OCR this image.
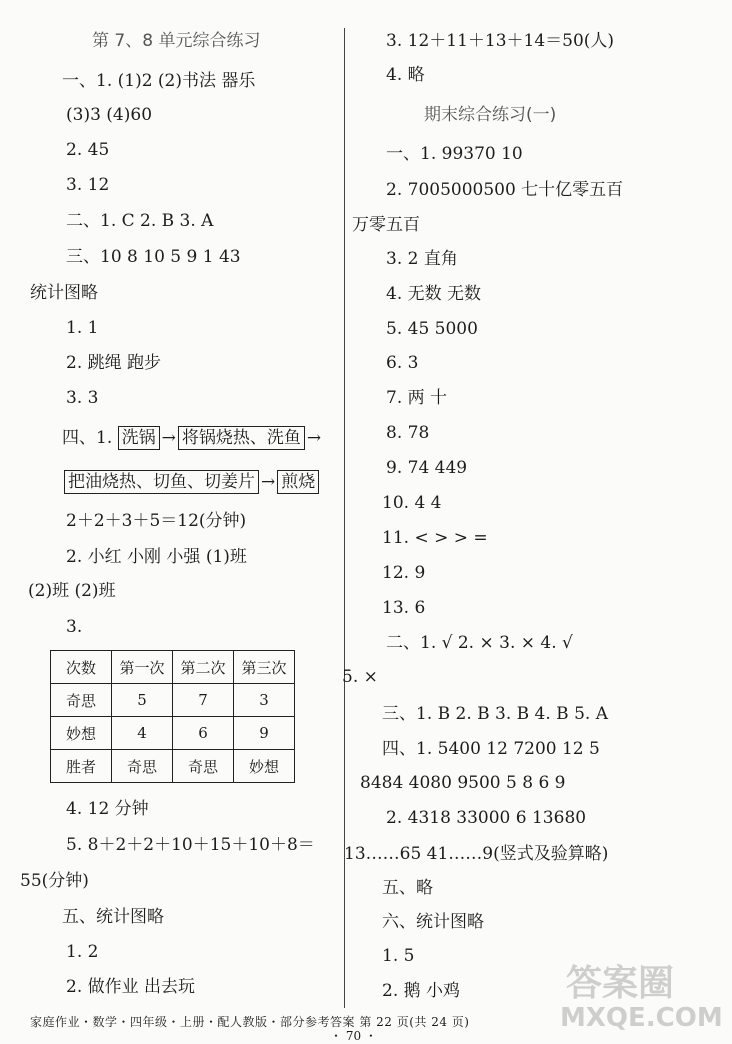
第 7、8 单元综合练习
一、1. (1)2 (2)书法 器乐
(3)3 (4)60
2. 45
3. 12
二、1. C 2. B 3. A
三、10 8 10 5 9 1 43
统计图略
1. 1
2. 跳绳 跑步
3. 3
四、1. 洗锅 → 将锅烧热、洗鱼 →
把油烧热、切鱼、切姜片 → 煎烧
2＋2＋3＋5＝12(分钟)
2. 小红 小刚 小强 (1)班
(2)班 (2)班
3.
次数	第一次	第二次	第三次
奇思	5	7	3
妙想	4	6	9
胜者	奇思	奇思	妙想
4. 12 分钟
5. 8＋2＋2＋10＋15＋10＋8＝
55(分钟)
五、统计图略
1. 2
2. 做作业 出去玩
3. 12＋11＋13＋14＝50(人)
4. 略
期末综合练习(一)
一、1. 99370 10
2. 7005000500 七十亿零五百
万零五百
3. 2 直角
4. 无数 无数
5. 45 5000
6. 3
7. 两 十
8. 78
9. 74 449
10. 4 4
11. < > > =
12. 9
13. 6
二、1. √ 2. × 3. × 4. √
5. ×
三、1. B 2. B 3. B 4. B 5. A
四、1. 5400 12 7200 12 5
8484 4080 9500 5 8 6 9
2. 4318 33000 6 13680
13……65 41……9(竖式及验算略)
五、略
六、统计图略
1. 5
2. 鹅 小鸡
家庭作业・数学・四年级・上册・配人教版・部分参考答案 第 22 页(共 24 页)
・ 70 ・
答案圈
MXQE.COM
